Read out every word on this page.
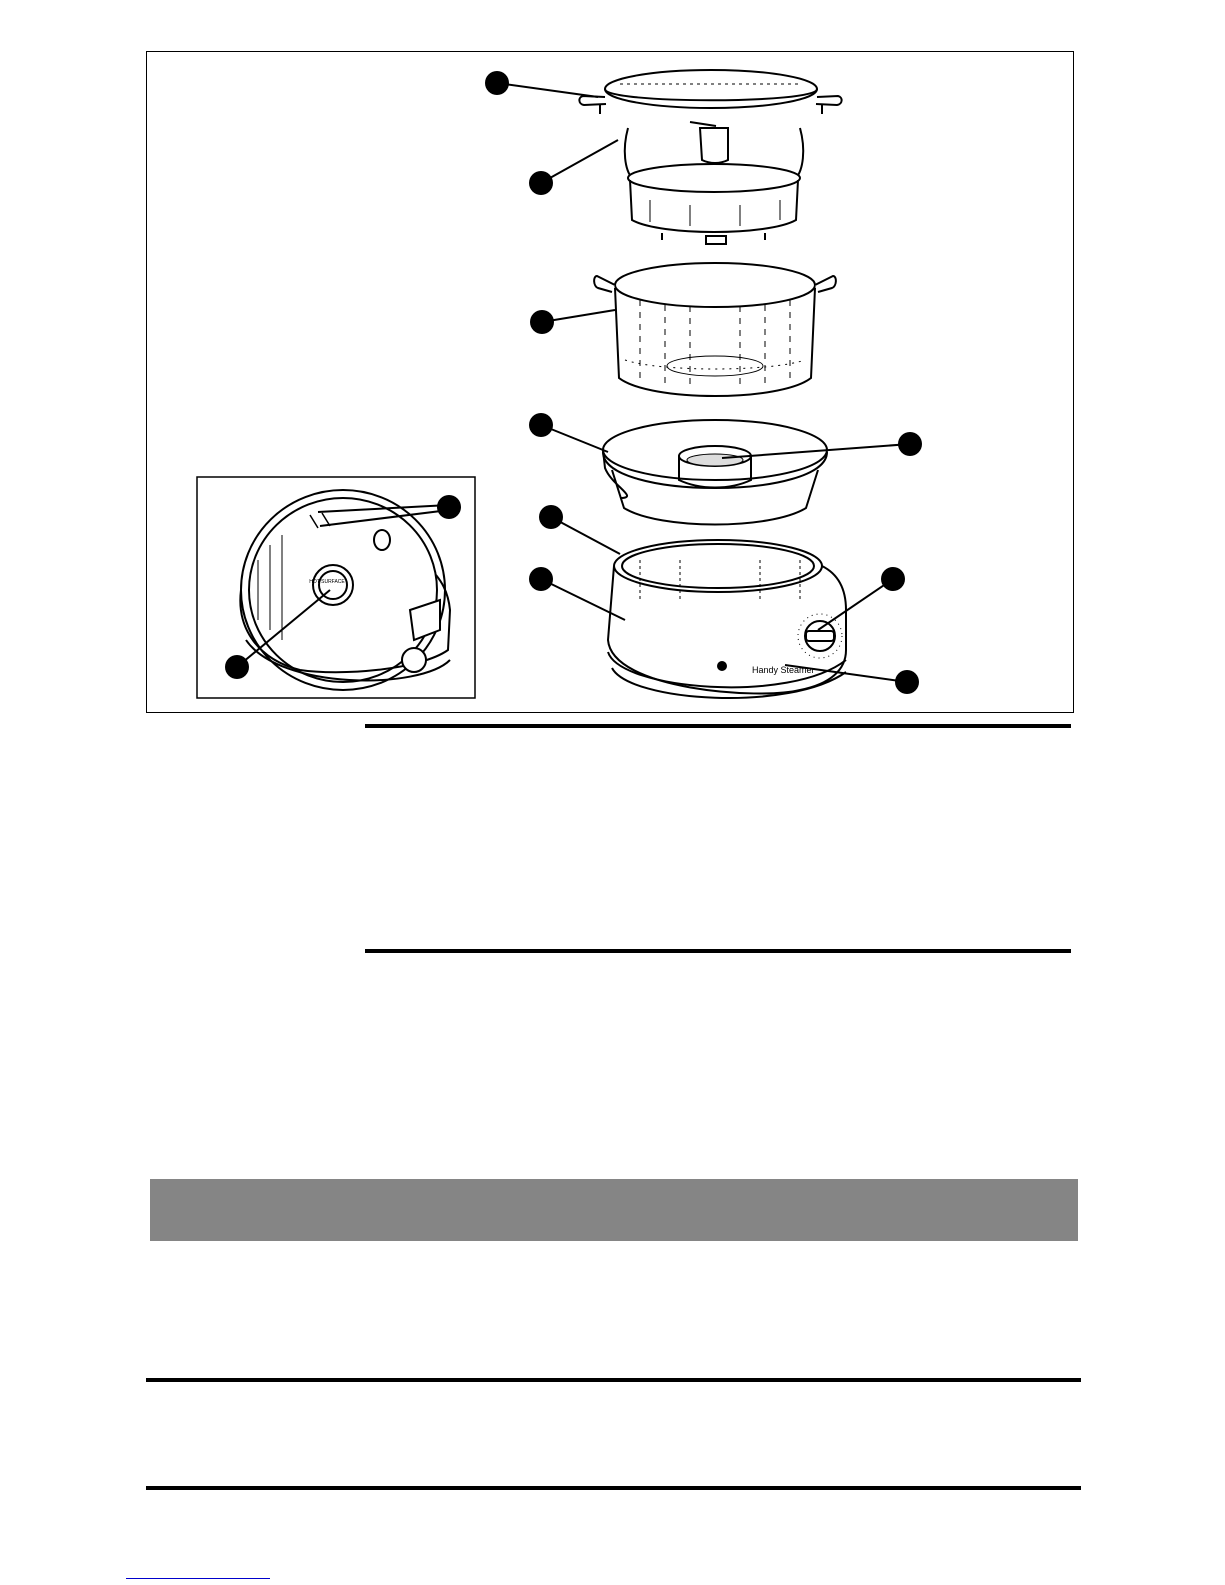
Handy Steamer
HOT SURFACE
